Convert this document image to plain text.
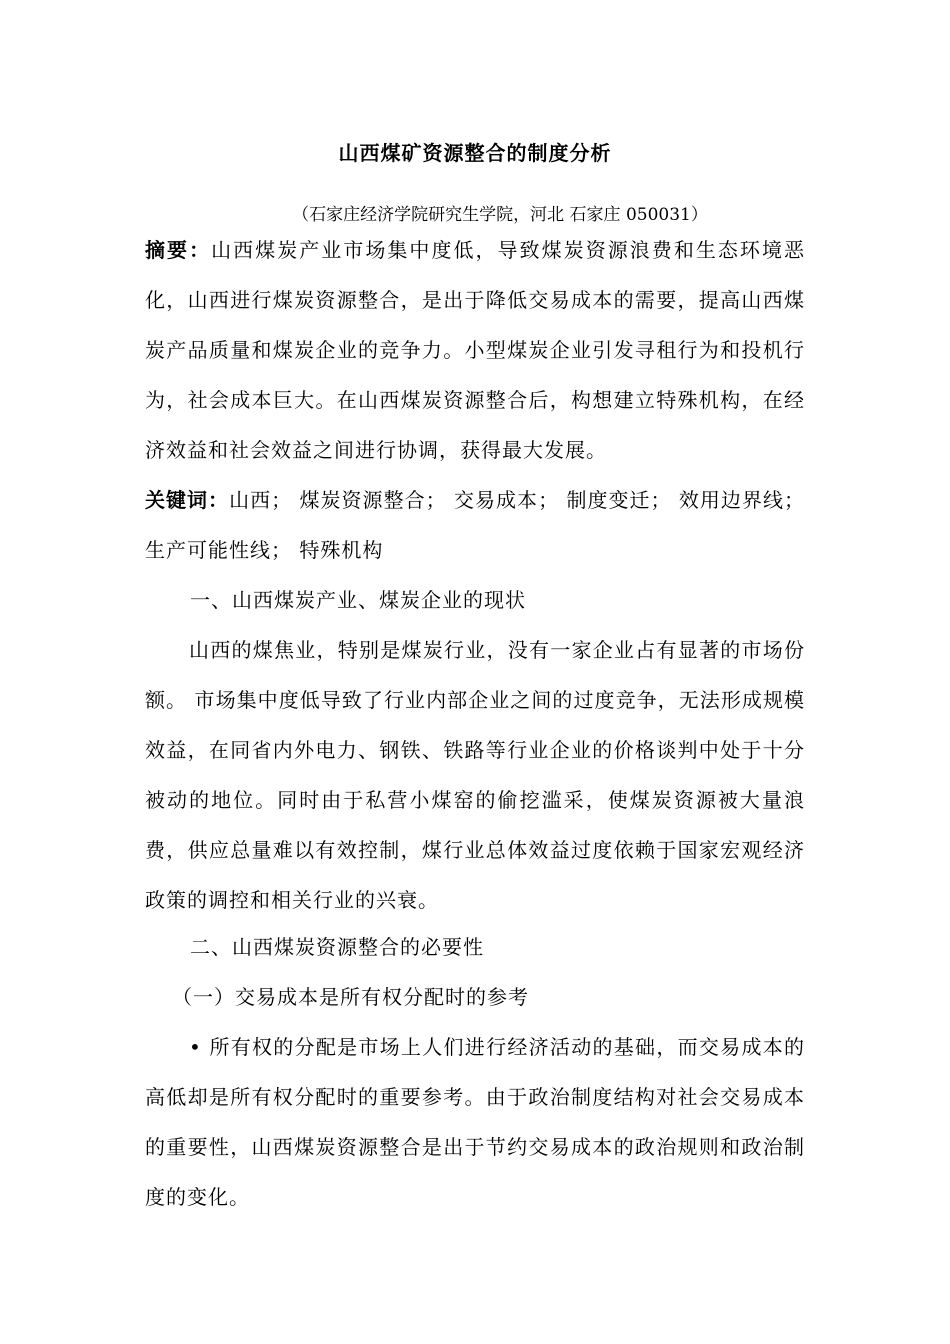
山西煤矿资源整合的制度分析
（石家庄经济学院研究生学院，河北 石家庄 050031）
摘要：山西煤炭产业市场集中度低，导致煤炭资源浪费和生态环境恶化，山西进行煤炭资源整合，是出于降低交易成本的需要，提高山西煤炭产品质量和煤炭企业的竞争力。小型煤炭企业引发寻租行为和投机行为，社会成本巨大。在山西煤炭资源整合后，构想建立特殊机构，在经济效益和社会效益之间进行协调，获得最大发展。
关键词：山西； 煤炭资源整合； 交易成本； 制度变迁； 效用边界线； 生产可能性线； 特殊机构
一、山西煤炭产业、煤炭企业的现状
山西的煤焦业，特别是煤炭行业，没有一家企业占有显著的市场份额。 市场集中度低导致了行业内部企业之间的过度竞争，无法形成规模效益，在同省内外电力、钢铁、铁路等行业企业的价格谈判中处于十分被动的地位。同时由于私营小煤窑的偷挖滥采，使煤炭资源被大量浪费，供应总量难以有效控制，煤行业总体效益过度依赖于国家宏观经济政策的调控和相关行业的兴衰。
二、山西煤炭资源整合的必要性
（一）交易成本是所有权分配时的参考
• 所有权的分配是市场上人们进行经济活动的基础，而交易成本的高低却是所有权分配时的重要参考。由于政治制度结构对社会交易成本的重要性，山西煤炭资源整合是出于节约交易成本的政治规则和政治制度的变化。
